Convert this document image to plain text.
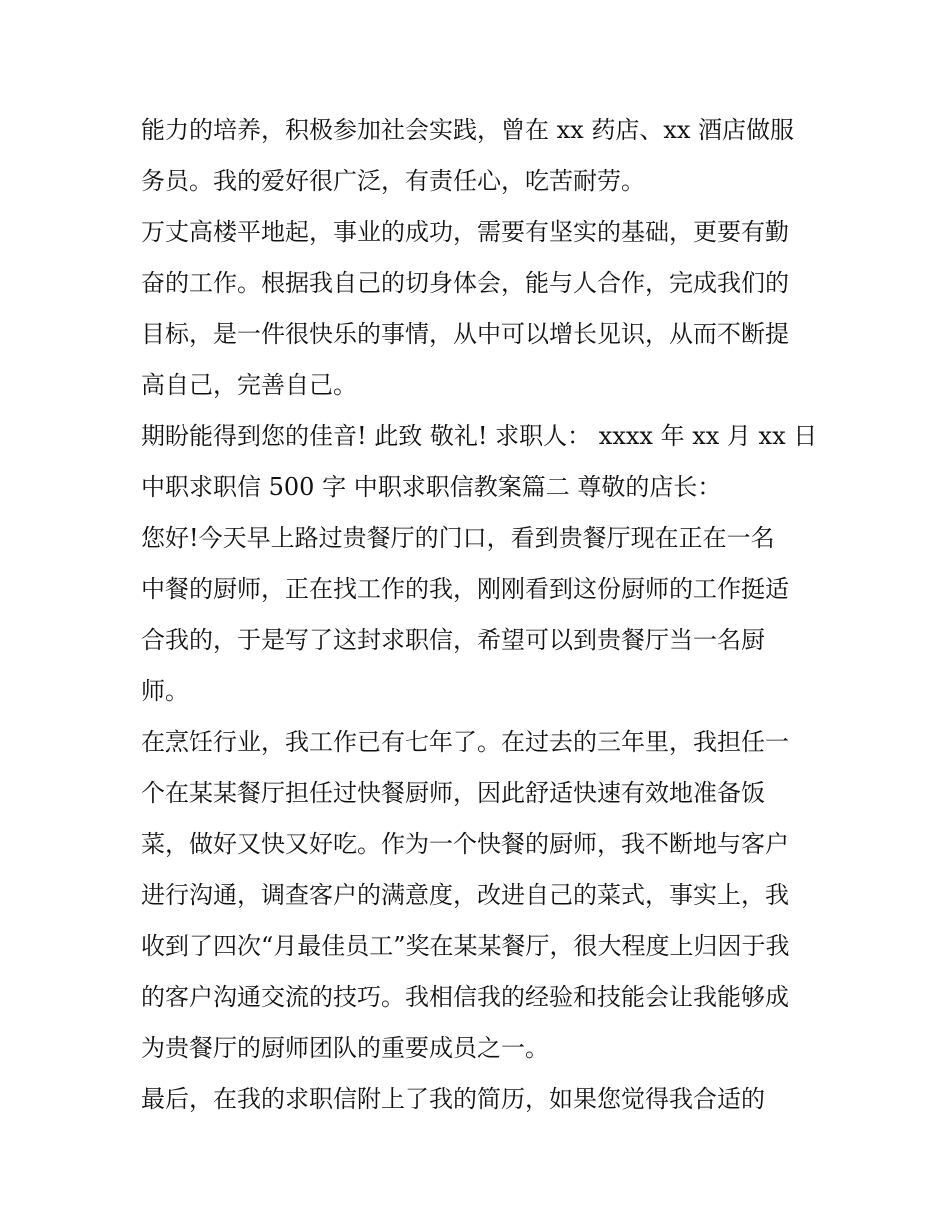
能力的培养，积极参加社会实践，曾在 xx 药店、xx 酒店做服
务员。我的爱好很广泛，有责任心，吃苦耐劳。
万丈高楼平地起，事业的成功，需要有坚实的基础，更要有勤
奋的工作。根据我自己的切身体会，能与人合作，完成我们的
目标，是一件很快乐的事情，从中可以增长见识，从而不断提
高自己，完善自己。
期盼能得到您的佳音! 此致 敬礼! 求职人： xxxx 年 xx 月 xx 日
中职求职信 500 字 中职求职信教案篇二 尊敬的店长：
您好!今天早上路过贵餐厅的门口，看到贵餐厅现在正在一名
中餐的厨师，正在找工作的我，刚刚看到这份厨师的工作挺适
合我的，于是写了这封求职信，希望可以到贵餐厅当一名厨
师。
在烹饪行业，我工作已有七年了。在过去的三年里，我担任一
个在某某餐厅担任过快餐厨师，因此舒适快速有效地准备饭
菜，做好又快又好吃。作为一个快餐的厨师，我不断地与客户
进行沟通，调查客户的满意度，改进自己的菜式，事实上，我
收到了四次“月最佳员工”奖在某某餐厅，很大程度上归因于我
的客户沟通交流的技巧。我相信我的经验和技能会让我能够成
为贵餐厅的厨师团队的重要成员之一。
最后，在我的求职信附上了我的简历，如果您觉得我合适的
